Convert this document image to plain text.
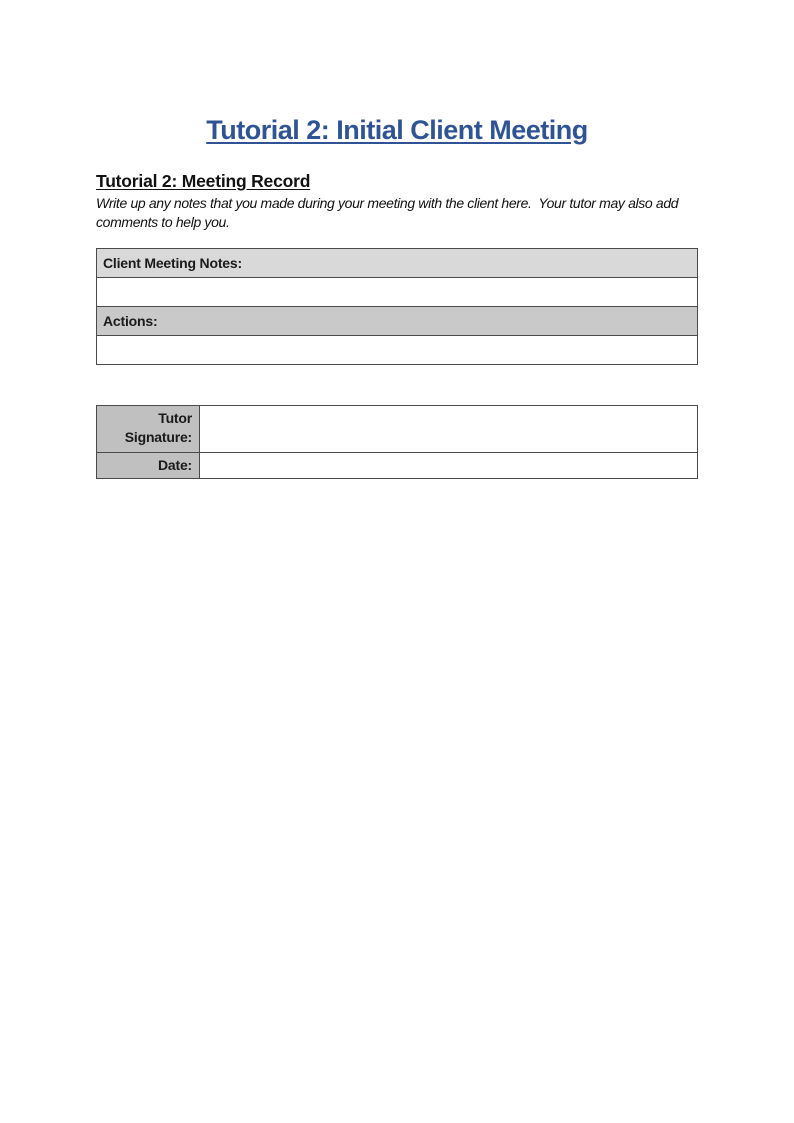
Tutorial 2: Initial Client Meeting
Tutorial 2: Meeting Record

Write up any notes that you made during your meeting with the client here.  Your tutor may also add comments to help you.

Client Meeting Notes:

Actions:

Tutor Signature:	
Date:	
